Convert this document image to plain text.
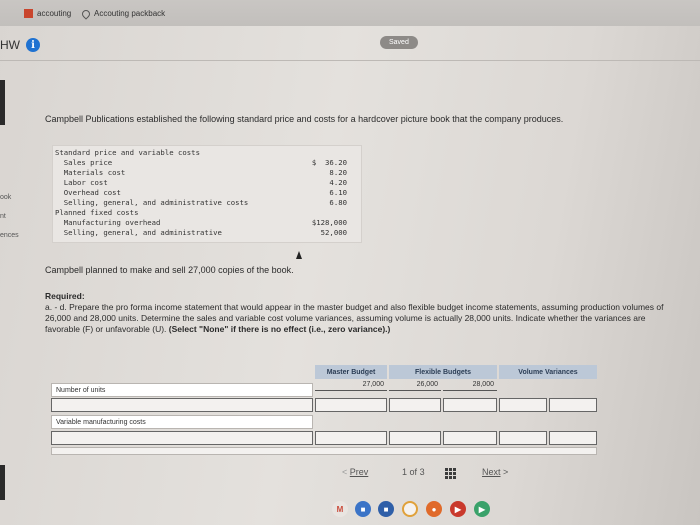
accouting	Accouting packback
HW	i	Saved
ook
nt
ences
Campbell Publications established the following standard price and costs for a hardcover picture book that the company produces.
Standard price and variable costs
Sales price	$  36.20
Materials cost	8.20
Labor cost	4.20
Overhead cost	6.10
Selling, general, and administrative costs	6.80
Planned fixed costs
Manufacturing overhead	$128,000
Selling, general, and administrative	52,000
Campbell planned to make and sell 27,000 copies of the book.
Required:
a. - d. Prepare the pro forma income statement that would appear in the master budget and also flexible budget income statements, assuming production volumes of 26,000 and 28,000 units. Determine the sales and variable cost volume variances, assuming volume is actually 28,000 units. Indicate whether the variances are favorable (F) or unfavorable (U). (Select "None" if there is no effect (i.e., zero variance).)
Master Budget	Flexible Budgets	Volume Variances
27,000	26,000	28,000
Number of units
Variable manufacturing costs
< Prev	1 of 3	Next >
M	■	■	●	▶	▶
